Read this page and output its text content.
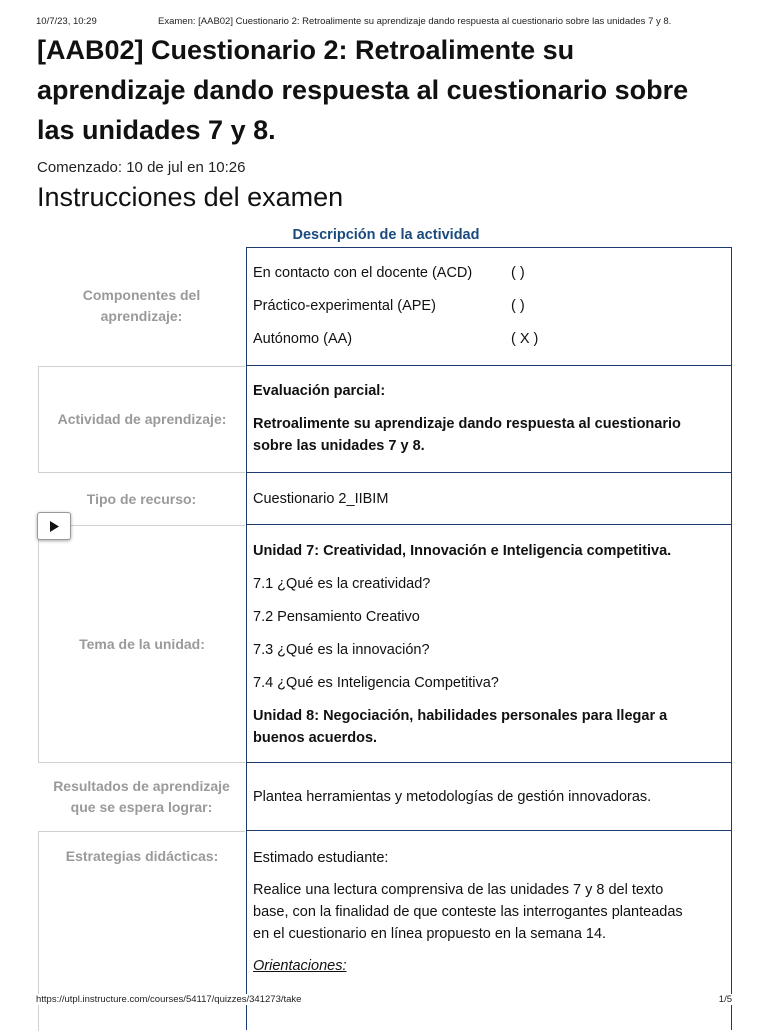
10/7/23, 10:29	Examen: [AAB02] Cuestionario 2: Retroalimente su aprendizaje dando respuesta al cuestionario sobre las unidades 7 y 8.
[AAB02] Cuestionario 2: Retroalimente su
aprendizaje dando respuesta al cuestionario sobre
las unidades 7 y 8.
Comenzado: 10 de jul en 10:26
Instrucciones del examen
Descripción de la actividad
Componentes del
aprendizaje:
En contacto con el docente (ACD)	( )
Práctico-experimental (APE)	( )
Autónomo (AA)	( X )
Actividad de aprendizaje:

Evaluación parcial:

Retroalimente su aprendizaje dando respuesta al cuestionario
sobre las unidades 7 y 8.

Tipo de recurso:	Cuestionario 2_IIBIM
Tema de la unidad:

Unidad 7: Creatividad, Innovación e Inteligencia competitiva.

7.1 ¿Qué es la creatividad?

7.2 Pensamiento Creativo

7.3 ¿Qué es la innovación?

7.4 ¿Qué es Inteligencia Competitiva?

Unidad 8: Negociación, habilidades personales para llegar a
buenos acuerdos.

Resultados de aprendizaje
que se espera lograr:
Plantea herramientas y metodologías de gestión innovadoras.
Estrategias didácticas:	Estimado estudiante:

Realice una lectura comprensiva de las unidades 7 y 8 del texto
base, con la finalidad de que conteste las interrogantes planteadas
en el cuestionario en línea propuesto en la semana 14.

Orientaciones:

https://utpl.instructure.com/courses/54117/quizzes/341273/take	1/5
